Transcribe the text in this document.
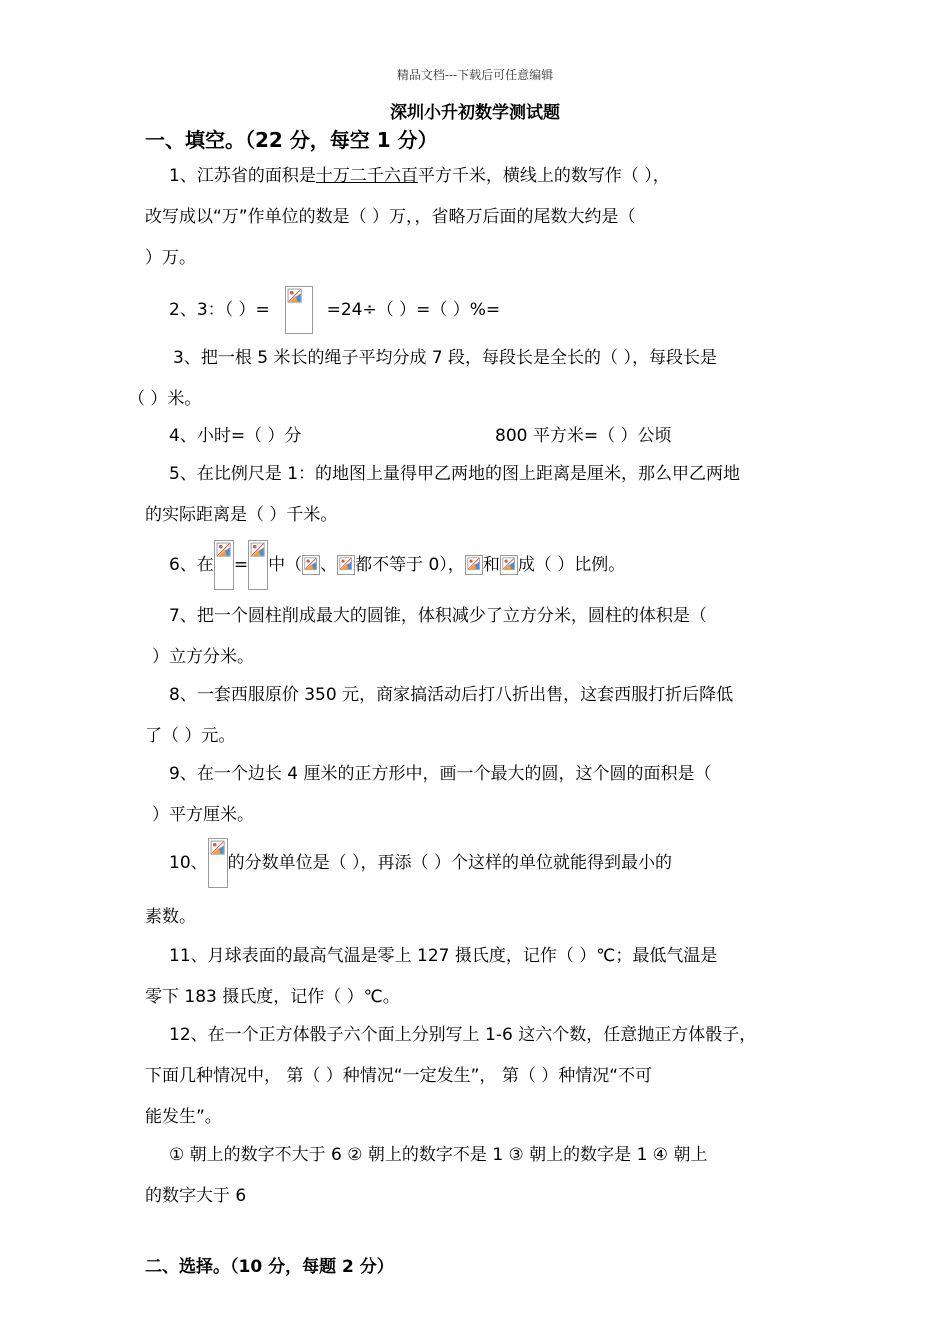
精品文档---下载后可任意编辑
深圳小升初数学测试题
一、填空。（22 分，每空 1 分）
1、江苏省的面积是十万二千六百平方千米，横线上的数写作（ ），
改写成以“万”作单位的数是（ ）万，，省略万后面的尾数大约是（
）万。
2、3：（ ）=	=24÷（ ）=（ ）%=
3、把一根 5 米长的绳子平均分成 7 段，每段长是全长的（ ），每段长是
（ ）米。
4、小时=（ ）分	800 平方米=（ ）公顷
5、在比例尺是 1：的地图上量得甲乙两地的图上距离是厘米，那么甲乙两地
的实际距离是（ ）千米。
6、在 = 中（ 、 都不等于 0）， 和 成（ ）比例。
7、把一个圆柱削成最大的圆锥，体积减少了立方分米，圆柱的体积是（
）立方分米。
8、一套西服原价 350 元，商家搞活动后打八折出售，这套西服打折后降低
了（ ）元。
9、在一个边长 4 厘米的正方形中，画一个最大的圆，这个圆的面积是（
）平方厘米。
10、 的分数单位是（ ），再添（ ）个这样的单位就能得到最小的
素数。
11、月球表面的最高气温是零上 127 摄氏度，记作（ ）℃；最低气温是
零下 183 摄氏度，记作（ ）℃。
12、在一个正方体骰子六个面上分别写上 1-6 这六个数，任意抛正方体骰子，
下面几种情况中， 第（ ）种情况“一定发生”， 第（ ）种情况“不可
能发生”。
① 朝上的数字不大于 6 ② 朝上的数字不是 1 ③ 朝上的数字是 1 ④ 朝上
的数字大于 6
二、选择。（10 分，每题 2 分）
